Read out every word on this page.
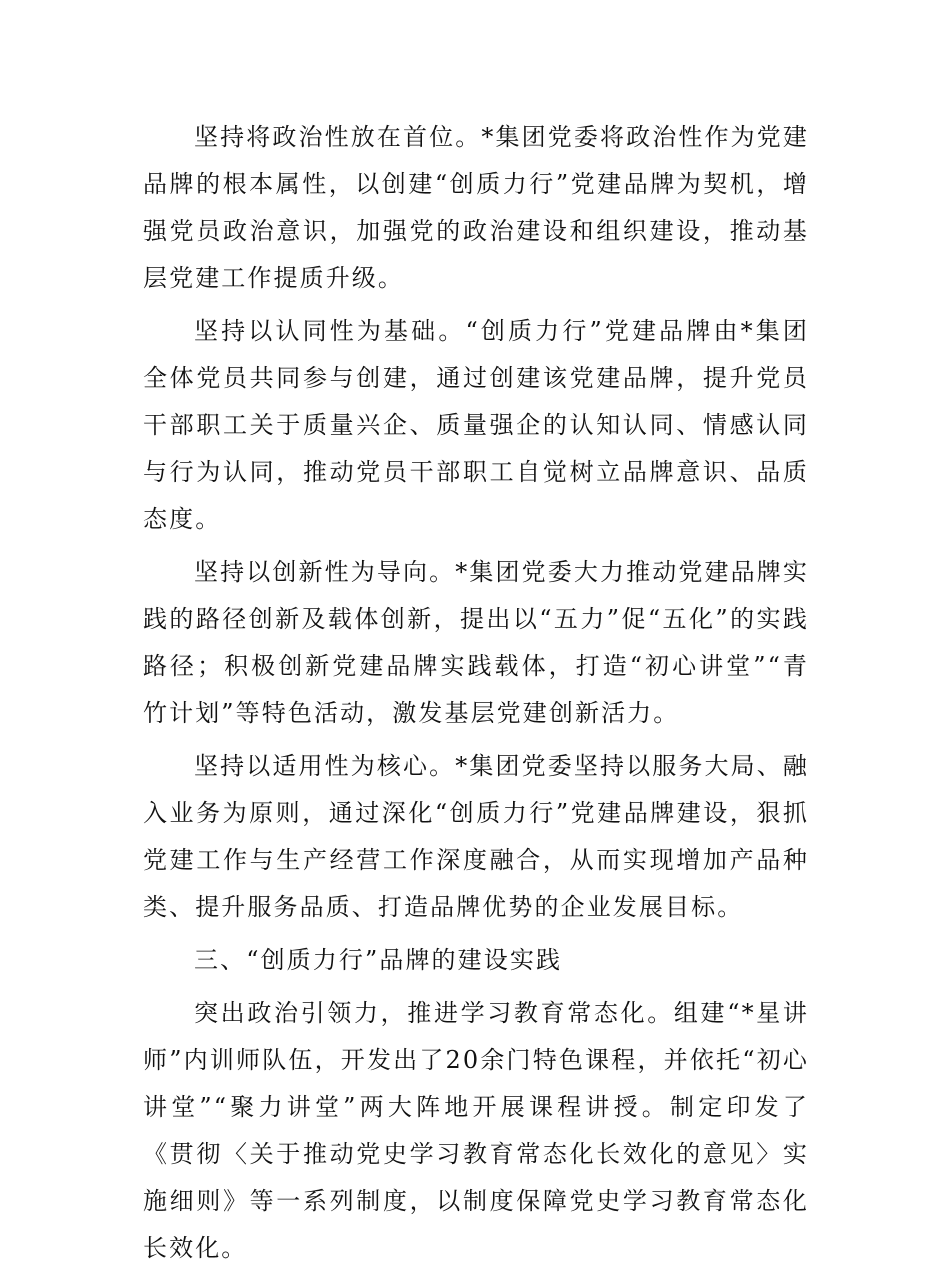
坚持将政治性放在首位。*集团党委将政治性作为党建品牌的根本属性，以创建“创质力行”党建品牌为契机，增强党员政治意识，加强党的政治建设和组织建设，推动基层党建工作提质升级。

坚持以认同性为基础。“创质力行”党建品牌由*集团全体党员共同参与创建，通过创建该党建品牌，提升党员干部职工关于质量兴企、质量强企的认知认同、情感认同与行为认同，推动党员干部职工自觉树立品牌意识、品质态度。

坚持以创新性为导向。*集团党委大力推动党建品牌实践的路径创新及载体创新，提出以“五力”促“五化”的实践路径；积极创新党建品牌实践载体，打造“初心讲堂”“青竹计划”等特色活动，激发基层党建创新活力。

坚持以适用性为核心。*集团党委坚持以服务大局、融入业务为原则，通过深化“创质力行”党建品牌建设，狠抓党建工作与生产经营工作深度融合，从而实现增加产品种类、提升服务品质、打造品牌优势的企业发展目标。

三、“创质力行”品牌的建设实践

突出政治引领力，推进学习教育常态化。组建“*星讲师”内训师队伍，开发出了20余门特色课程，并依托“初心讲堂”“聚力讲堂”两大阵地开展课程讲授。制定印发了《贯彻〈关于推动党史学习教育常态化长效化的意见〉实施细则》等一系列制度，以制度保障党史学习教育常态化长效化。
